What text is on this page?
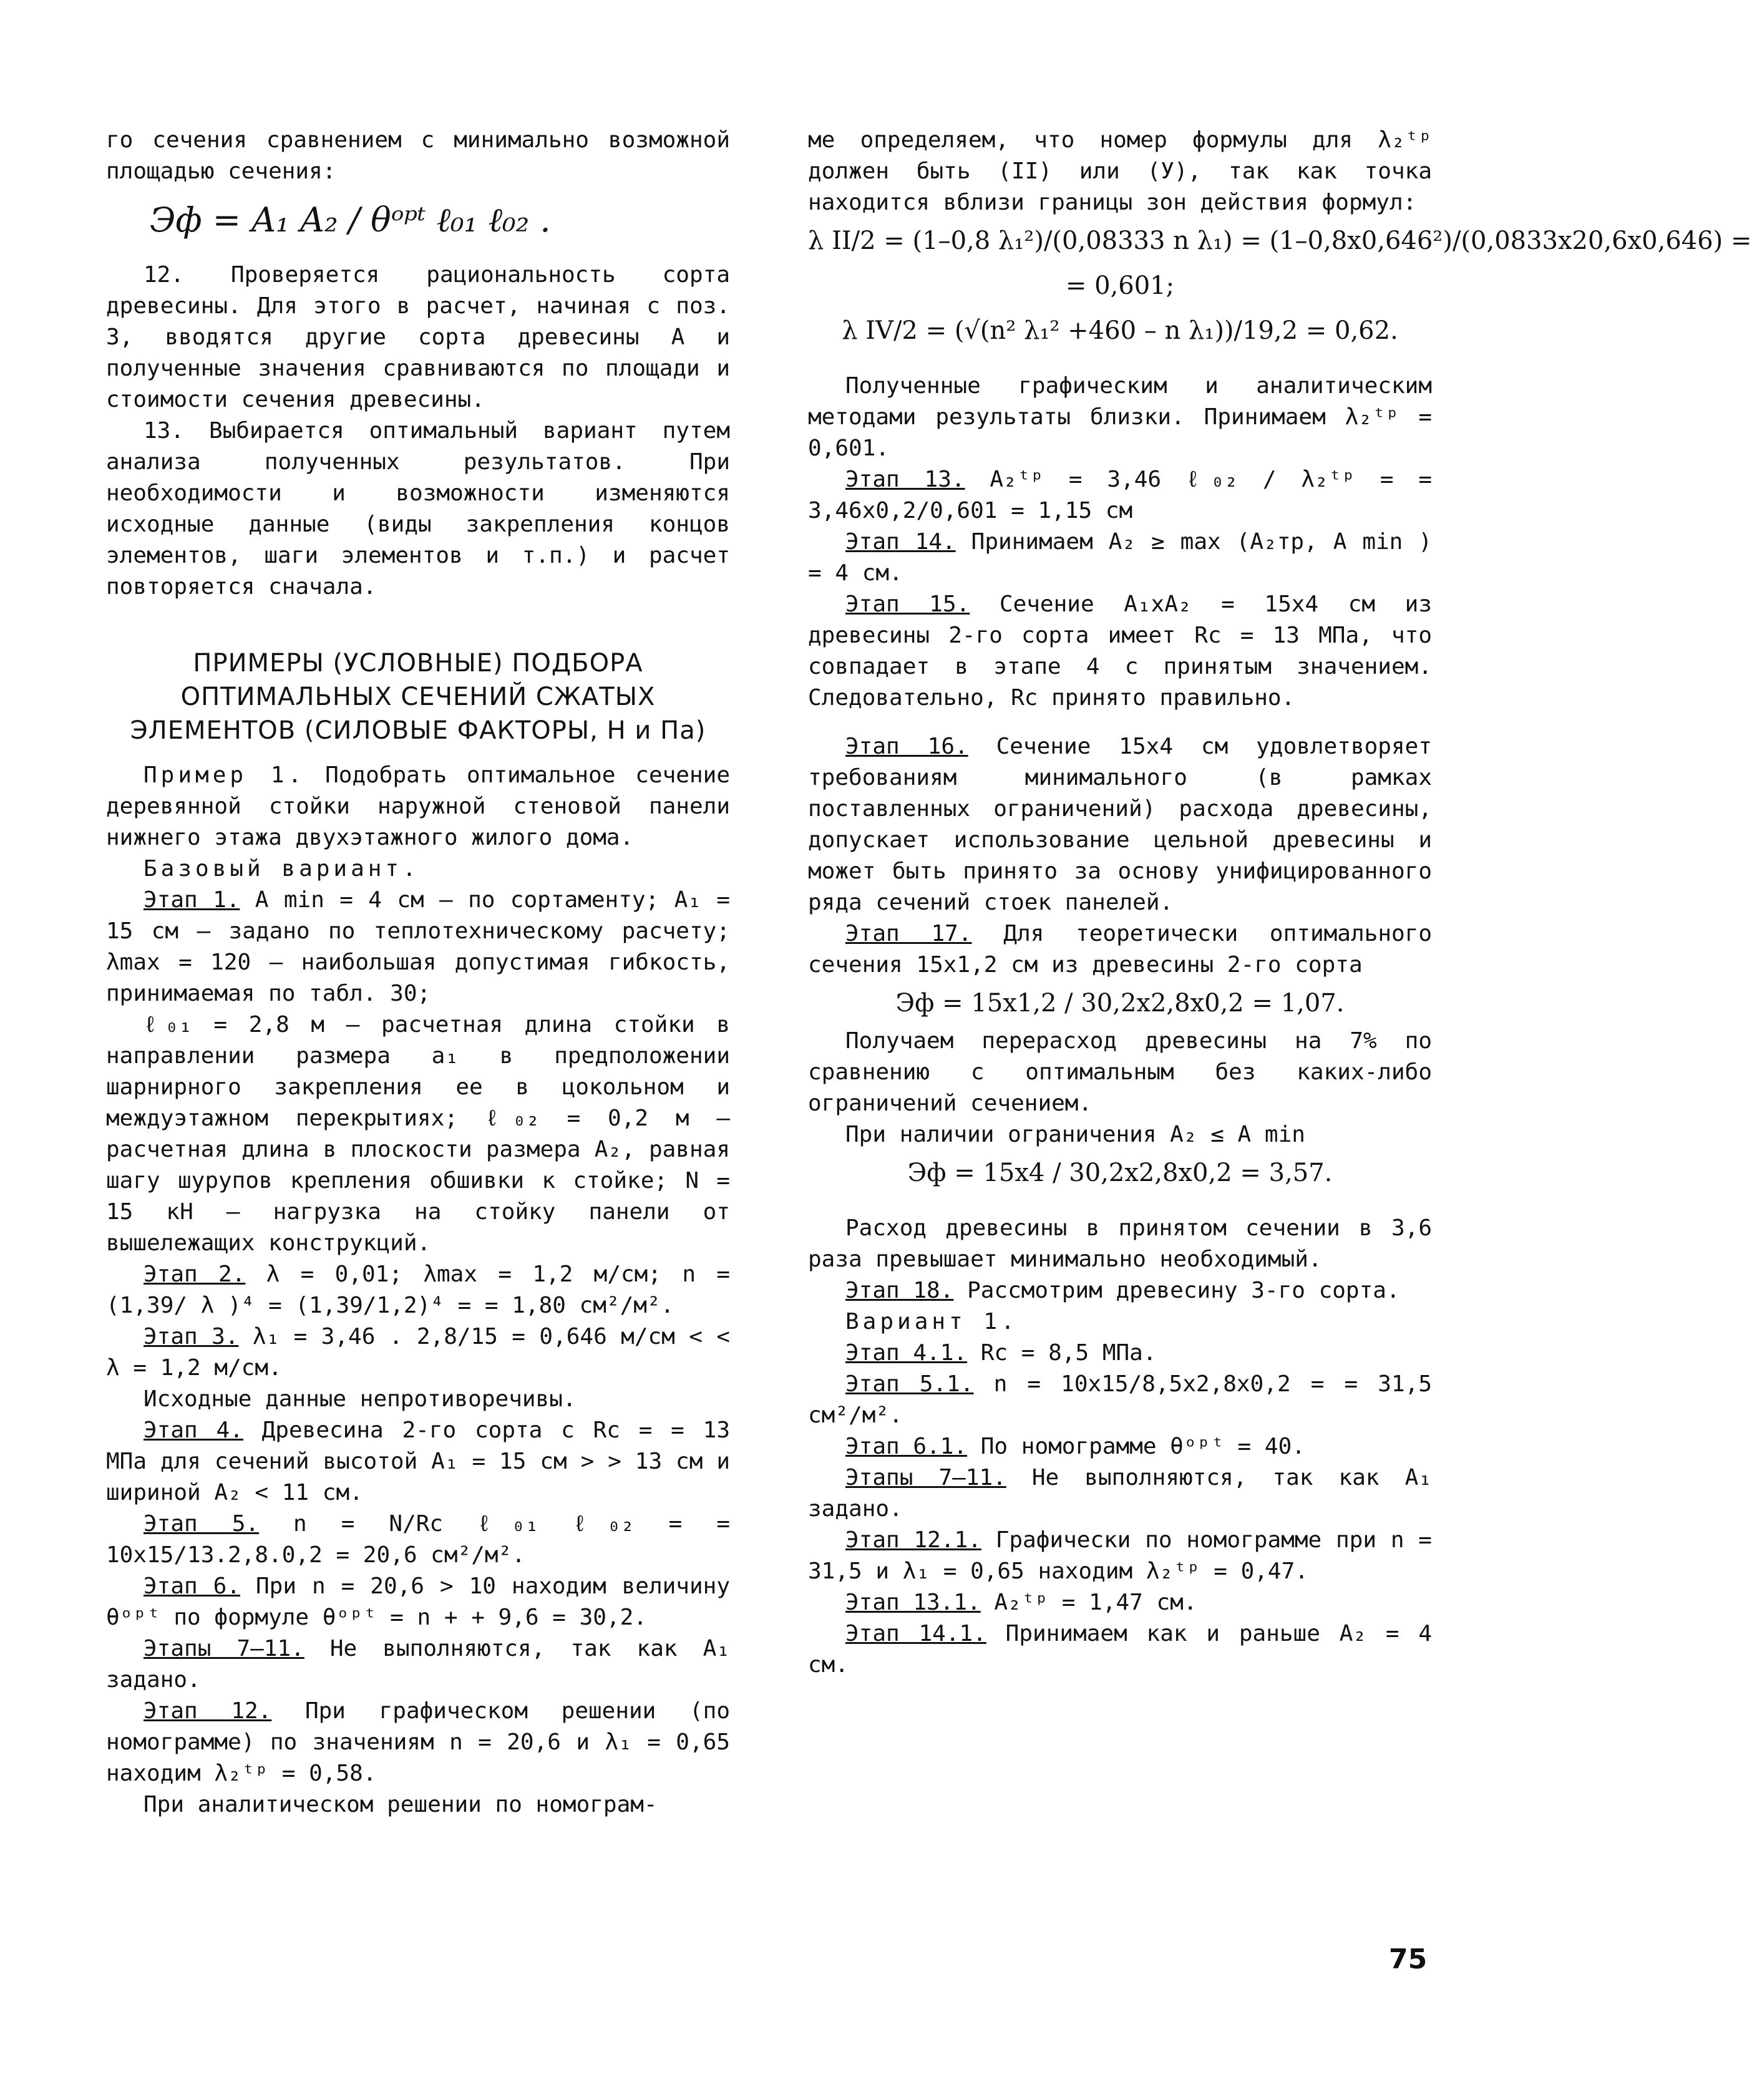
го сечения сравнением с минимально возможной площадью сечения:

Эф = A₁ A₂ / θᵒᵖᵗ ℓ₀₁ ℓ₀₂ .

12. Проверяется рациональность сорта древесины. Для этого в расчет, начиная с поз. 3, вводятся другие сорта древесины A и полученные значения сравниваются по площади и стоимости сечения древесины.

13. Выбирается оптимальный вариант путем анализа полученных результатов. При необходимости и возможности изменяются исходные данные (виды закрепления концов элементов, шаги элементов и т.п.) и расчет повторяется сначала.

ПРИМЕРЫ (УСЛОВНЫЕ) ПОДБОРА ОПТИМАЛЬНЫХ СЕЧЕНИЙ СЖАТЫХ ЭЛЕМЕНТОВ (СИЛОВЫЕ ФАКТОРЫ, Н и Па)

Пример 1. Подобрать оптимальное сечение деревянной стойки наружной стеновой панели нижнего этажа двухэтажного жилого дома.

Базовый вариант.

Этап 1. A min = 4 см – по сортаменту; A₁ = 15 см – задано по теплотехническому расчету; λmax = 120 – наибольшая допустимая гибкость, принимаемая по табл. 30;

ℓ₀₁ = 2,8 м – расчетная длина стойки в направлении размера a₁ в предположении шарнирного закрепления ее в цокольном и междуэтажном перекрытиях; ℓ₀₂ = 0,2 м – расчетная длина в плоскости размера A₂, равная шагу шурупов крепления обшивки к стойке; N = 15 кН – нагрузка на стойку панели от вышележащих конструкций.

Этап 2. λ = 0,01; λmax = 1,2 м/см; n = (1,39/ λ )⁴ = (1,39/1,2)⁴ = = 1,80 см²/м².

Этап 3. λ₁ = 3,46 . 2,8/15 = 0,646 м/см < < λ = 1,2 м/см.

Исходные данные непротиворечивы.

Этап 4. Древесина 2-го сорта с Rc = = 13 МПа для сечений высотой A₁ = 15 см > > 13 см и шириной A₂ < 11 см.

Этап 5. n = N/Rc ℓ₀₁ ℓ₀₂ = = 10x15/13.2,8.0,2 = 20,6 см²/м².

Этап 6. При n = 20,6 > 10 находим величину θᵒᵖᵗ по формуле θᵒᵖᵗ = n + + 9,6 = 30,2.

Этапы 7–11. Не выполняются, так как A₁ задано.

Этап 12. При графическом решении (по номограмме) по значениям n = 20,6 и λ₁ = 0,65 находим λ₂ᵗᵖ = 0,58.

При аналитическом решении по номограм-

ме определяем, что номер формулы для λ₂ᵗᵖ должен быть (II) или (У), так как точка находится вблизи границы зон действия формул:

λ II/2 = (1–0,8 λ₁²)/(0,08333 n λ₁) = (1–0,8x0,646²)/(0,0833x20,6x0,646) =

= 0,601;

λ IV/2 = (√(n² λ₁² +460 – n λ₁))/19,2 = 0,62.

Полученные графическим и аналитическим методами результаты близки. Принимаем λ₂ᵗᵖ = 0,601.

Этап 13. A₂ᵗᵖ = 3,46 ℓ₀₂ / λ₂ᵗᵖ = = 3,46x0,2/0,601 = 1,15 см

Этап 14. Принимаем A₂ ≥ max (A₂тр, A min ) = 4 см.

Этап 15. Сечение A₁xA₂ = 15x4 см из древесины 2-го сорта имеет Rc = 13 МПа, что совпадает в этапе 4 с принятым значением. Следовательно, Rc принято правильно.

Этап 16. Сечение 15x4 см удовлетворяет требованиям минимального (в рамках поставленных ограничений) расхода древесины, допускает использование цельной древесины и может быть принято за основу унифицированного ряда сечений стоек панелей.

Этап 17. Для теоретически оптимального сечения 15x1,2 см из древесины 2-го сорта

Эф = 15x1,2 / 30,2x2,8x0,2 = 1,07.

Получаем перерасход древесины на 7% по сравнению с оптимальным без каких-либо ограничений сечением.

При наличии ограничения A₂ ≤ A min

Эф = 15x4 / 30,2x2,8x0,2 = 3,57.

Расход древесины в принятом сечении в 3,6 раза превышает минимально необходимый.

Этап 18. Рассмотрим древесину 3-го сорта.

Вариант 1.

Этап 4.1. Rc = 8,5 МПа.

Этап 5.1. n = 10x15/8,5x2,8x0,2 = = 31,5 см²/м².

Этап 6.1. По номограмме θᵒᵖᵗ = 40.

Этапы 7–11. Не выполняются, так как A₁ задано.

Этап 12.1. Графически по номограмме при n = 31,5 и λ₁ = 0,65 находим λ₂ᵗᵖ = 0,47.

Этап 13.1. A₂ᵗᵖ = 1,47 см.

Этап 14.1. Принимаем как и раньше A₂ = 4 см.

75
